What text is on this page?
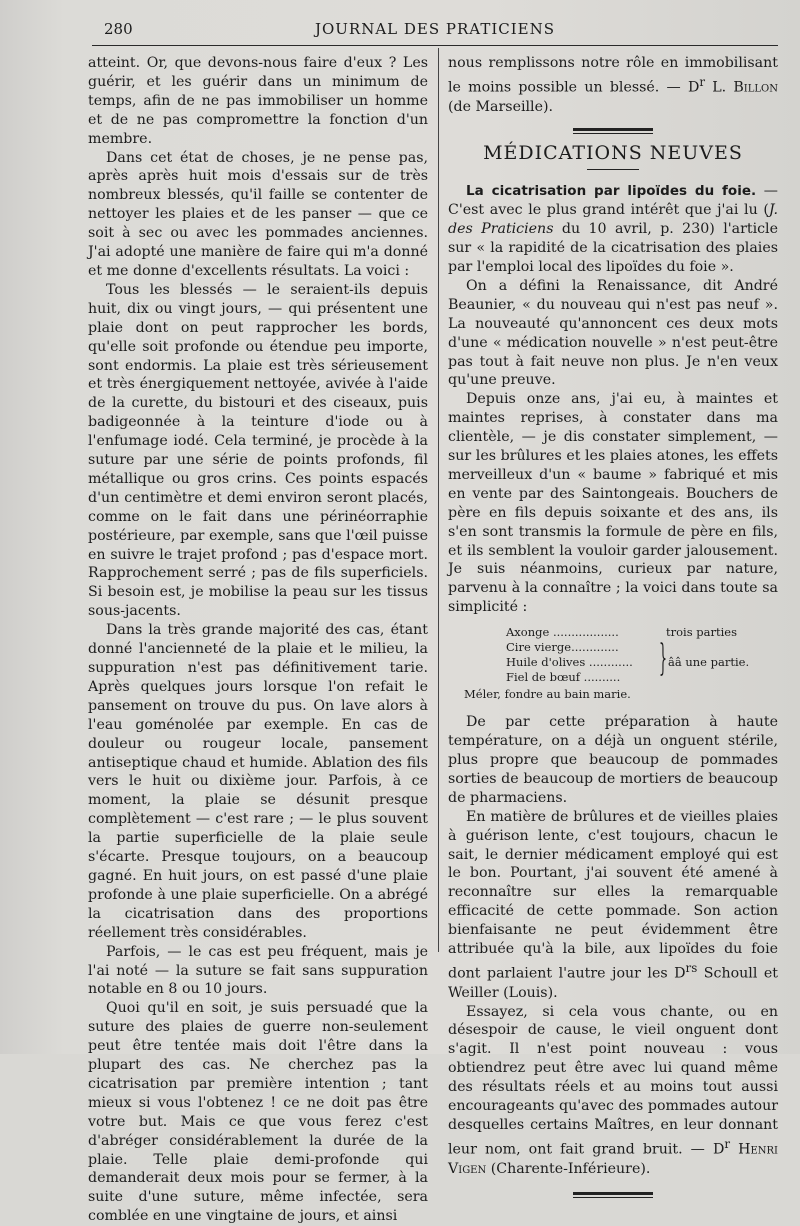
280	JOURNAL DES PRATICIENS

atteint. Or, que devons-nous faire d'eux ? Les guérir, et les guérir dans un minimum de temps, afin de ne pas immobiliser un homme et de ne pas compromettre la fonction d'un membre.

Dans cet état de choses, je ne pense pas, après après huit mois d'essais sur de très nombreux blessés, qu'il faille se contenter de nettoyer les plaies et de les panser — que ce soit à sec ou avec les pommades anciennes. J'ai adopté une manière de faire qui m'a donné et me donne d'excellents résultats. La voici :

Tous les blessés — le seraient-ils depuis huit, dix ou vingt jours, — qui présentent une plaie dont on peut rapprocher les bords, qu'elle soit profonde ou étendue peu importe, sont endormis. La plaie est très sérieusement et très énergiquement nettoyée, avivée à l'aide de la curette, du bistouri et des ciseaux, puis badigeonnée à la teinture d'iode ou à l'enfumage iodé. Cela terminé, je procède à la suture par une série de points profonds, fil métallique ou gros crins. Ces points espacés d'un centimètre et demi environ seront placés, comme on le fait dans une périnéorraphie postérieure, par exemple, sans que l'œil puisse en suivre le trajet profond ; pas d'espace mort. Rapprochement serré ; pas de fils superficiels. Si besoin est, je mobilise la peau sur les tissus sous-jacents.

Dans la très grande majorité des cas, étant donné l'ancienneté de la plaie et le milieu, la suppuration n'est pas définitivement tarie. Après quelques jours lorsque l'on refait le pansement on trouve du pus. On lave alors à l'eau goménolée par exemple. En cas de douleur ou rougeur locale, pansement antiseptique chaud et humide. Ablation des fils vers le huit ou dixième jour. Parfois, à ce moment, la plaie se désunit presque complètement — c'est rare ; — le plus souvent la partie superficielle de la plaie seule s'écarte. Presque toujours, on a beaucoup gagné. En huit jours, on est passé d'une plaie profonde à une plaie superficielle. On a abrégé la cicatrisation dans des proportions réellement très considérables.

Parfois, — le cas est peu fréquent, mais je l'ai noté — la suture se fait sans suppuration notable en 8 ou 10 jours.

Quoi qu'il en soit, je suis persuadé que la suture des plaies de guerre non-seulement peut être tentée mais doit l'être dans la plupart des cas. Ne cherchez pas la cicatrisation par première intention ; tant mieux si vous l'obtenez ! ce ne doit pas être votre but. Mais ce que vous ferez c'est d'abréger considérablement la durée de la plaie. Telle plaie demi-profonde qui demanderait deux mois pour se fermer, à la suite d'une suture, même infectée, sera comblée en une vingtaine de jours, et ainsi

nous remplissons notre rôle en immobilisant le moins possible un blessé. — $D^r$ L. Billon (de Marseille).

MÉDICATIONS NEUVES

La cicatrisation par lipoïdes du foie. — C'est avec le plus grand intérêt que j'ai lu (J. des Praticiens du 10 avril, p. 230) l'article sur « la rapidité de la cicatrisation des plaies par l'emploi local des lipoïdes du foie ».

On a défini la Renaissance, dit André Beaunier, « du nouveau qui n'est pas neuf ». La nouveauté qu'annoncent ces deux mots d'une « médication nouvelle » n'est peut-être pas tout à fait neuve non plus. Je n'en veux qu'une preuve.

Depuis onze ans, j'ai eu, à maintes et maintes reprises, à constater dans ma clientèle, — je dis constater simplement, — sur les brûlures et les plaies atones, les effets merveilleux d'un « baume » fabriqué et mis en vente par des Saintongeais. Bouchers de père en fils depuis soixante et des ans, ils s'en sont transmis la formule de père en fils, et ils semblent la vouloir garder jalousement. Je suis néanmoins, curieux par nature, parvenu à la connaître ; la voici dans toute sa simplicité :

Axonge ..................	trois parties
Cire vierge.............
Huile d'olives ............
Fiel de bœuf .......... } ââ une partie.
Méler, fondre au bain marie.

De par cette préparation à haute température, on a déjà un onguent stérile, plus propre que beaucoup de pommades sorties de beaucoup de mortiers de beaucoup de pharmaciens.

En matière de brûlures et de vieilles plaies à guérison lente, c'est toujours, chacun le sait, le dernier médicament employé qui est le bon. Pourtant, j'ai souvent été amené à reconnaître sur elles la remarquable efficacité de cette pommade. Son action bienfaisante ne peut évidemment être attribuée qu'à la bile, aux lipoïdes du foie dont parlaient l'autre jour les $D^{rs}$ Schoull et Weiller (Louis).

Essayez, si cela vous chante, ou en désespoir de cause, le vieil onguent dont s'agit. Il n'est point nouveau : vous obtiendrez peut être avec lui quand même des résultats réels et au moins tout aussi encourageants qu'avec des pommades autour desquelles certains Maîtres, en leur donnant leur nom, ont fait grand bruit. — $D^r$ Henri Vigen (Charente-Inférieure).
